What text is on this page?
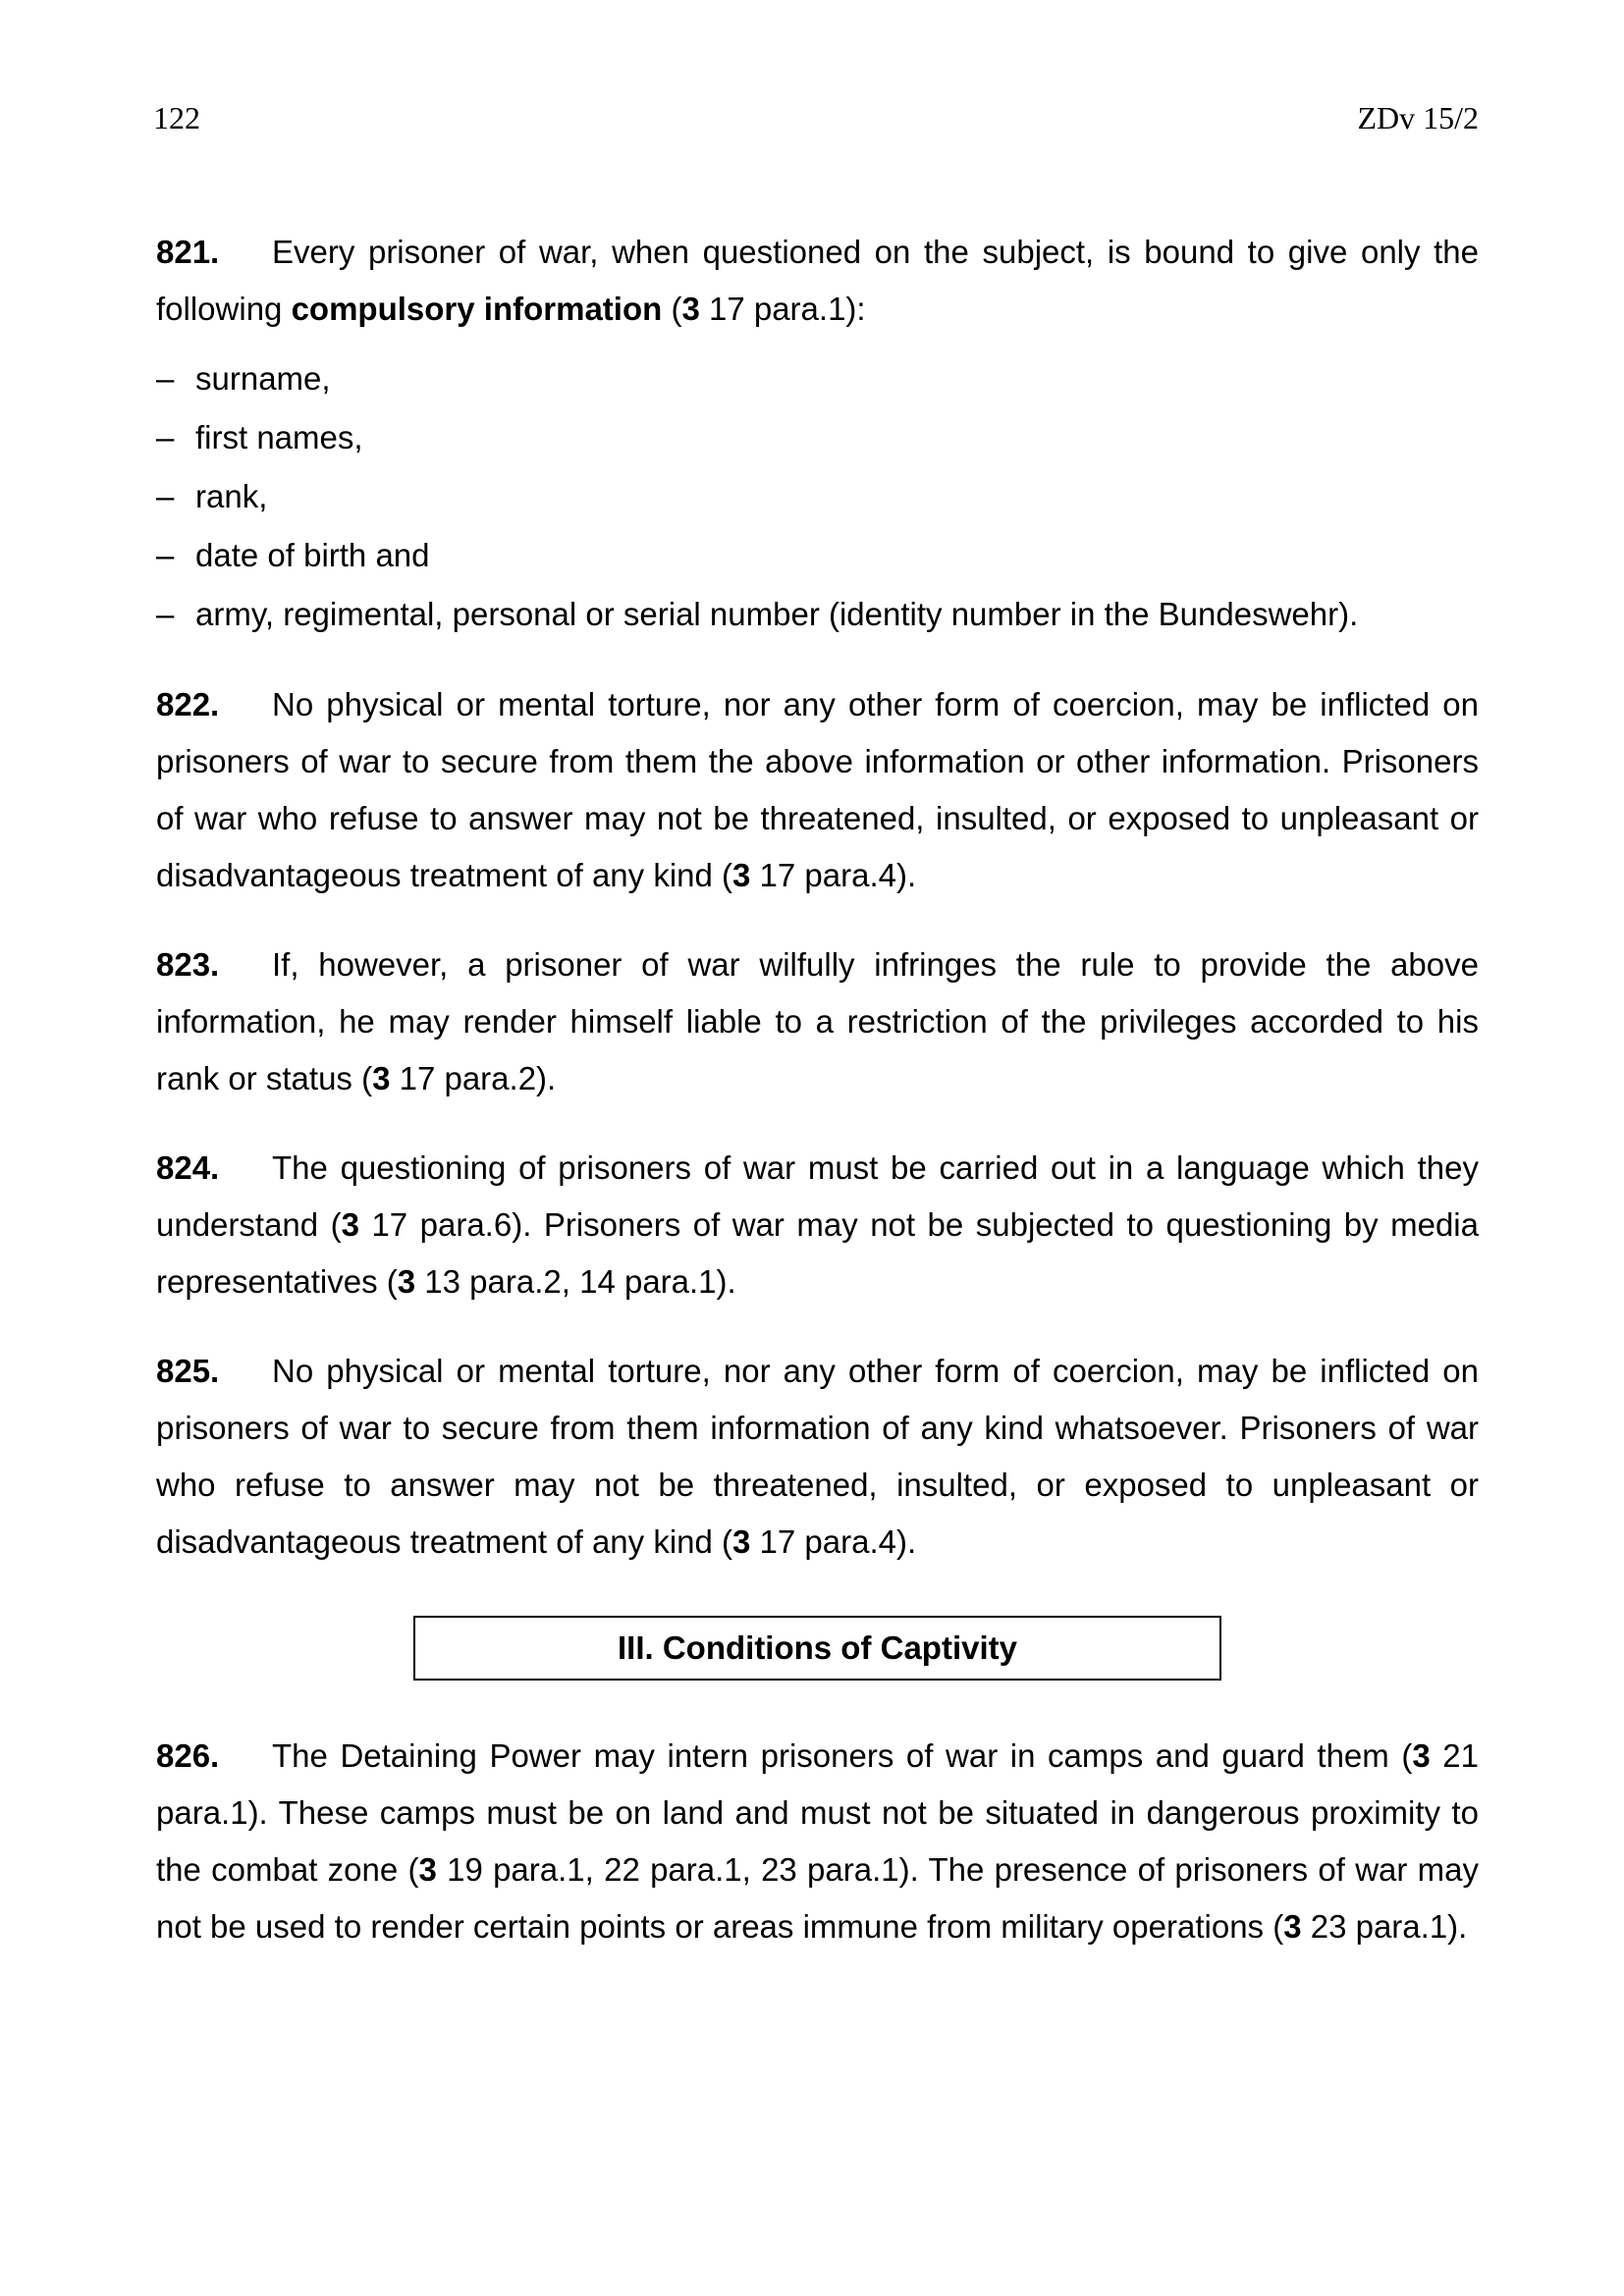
122	ZDv 15/2

821. Every prisoner of war, when questioned on the subject, is bound to give only the following compulsory information (3 17 para.1):

– surname,
– first names,
– rank,
– date of birth and
– army, regimental, personal or serial number (identity number in the Bundeswehr).

822. No physical or mental torture, nor any other form of coercion, may be inflicted on prisoners of war to secure from them the above information or other information. Prisoners of war who refuse to answer may not be threatened, insulted, or exposed to unpleasant or disadvantageous treatment of any kind (3 17 para.4).

823. If, however, a prisoner of war wilfully infringes the rule to provide the above information, he may render himself liable to a restriction of the privileges accorded to his rank or status (3 17 para.2).

824. The questioning of prisoners of war must be carried out in a language which they understand (3 17 para.6). Prisoners of war may not be subjected to questioning by media representatives (3 13 para.2, 14 para.1).

825. No physical or mental torture, nor any other form of coercion, may be inflicted on prisoners of war to secure from them information of any kind whatsoever. Prisoners of war who refuse to answer may not be threatened, insulted, or exposed to unpleasant or disadvantageous treatment of any kind (3 17 para.4).

III. Conditions of Captivity

826. The Detaining Power may intern prisoners of war in camps and guard them (3 21 para.1). These camps must be on land and must not be situated in dangerous proximity to the combat zone (3 19 para.1, 22 para.1, 23 para.1). The presence of prisoners of war may not be used to render certain points or areas immune from military operations (3 23 para.1).
